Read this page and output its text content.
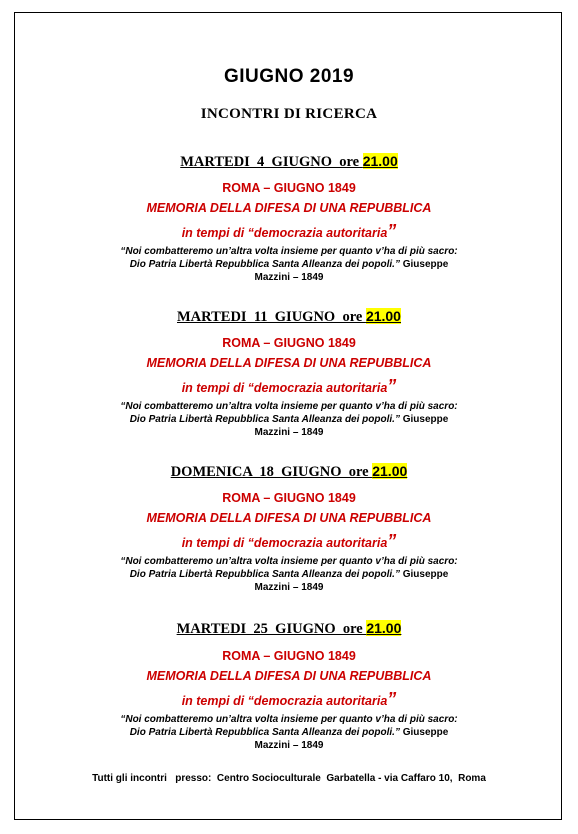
GIUGNO 2019
INCONTRI DI RICERCA
MARTEDI  4  GIUGNO  ore 21.00
ROMA – GIUGNO 1849
MEMORIA DELLA DIFESA DI UNA REPUBBLICA
in tempi di “democrazia autoritaria”
“Noi combatteremo un’altra volta insieme per quanto v’ha di più sacro:
Dio Patria Libertà Repubblica Santa Alleanza dei popoli.” Giuseppe
Mazzini – 1849
MARTEDI  11  GIUGNO  ore 21.00
ROMA – GIUGNO 1849
MEMORIA DELLA DIFESA DI UNA REPUBBLICA
in tempi di “democrazia autoritaria”
“Noi combatteremo un’altra volta insieme per quanto v’ha di più sacro:
Dio Patria Libertà Repubblica Santa Alleanza dei popoli.” Giuseppe
Mazzini – 1849
DOMENICA  18  GIUGNO  ore 21.00
ROMA – GIUGNO 1849
MEMORIA DELLA DIFESA DI UNA REPUBBLICA
in tempi di “democrazia autoritaria”
“Noi combatteremo un’altra volta insieme per quanto v’ha di più sacro:
Dio Patria Libertà Repubblica Santa Alleanza dei popoli.” Giuseppe
Mazzini – 1849
MARTEDI  25  GIUGNO  ore 21.00
ROMA – GIUGNO 1849
MEMORIA DELLA DIFESA DI UNA REPUBBLICA
in tempi di “democrazia autoritaria”
“Noi combatteremo un’altra volta insieme per quanto v’ha di più sacro:
Dio Patria Libertà Repubblica Santa Alleanza dei popoli.” Giuseppe
Mazzini – 1849
Tutti gli incontri   presso:  Centro Socioculturale  Garbatella - via Caffaro 10,  Roma
